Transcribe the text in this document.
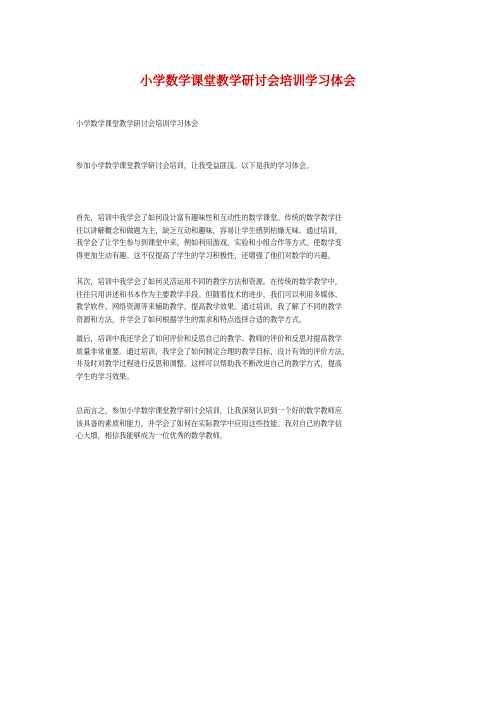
小学数学课堂教学研讨会培训学习体会

小学数学课堂教学研讨会培训学习体会

参加小学数学课堂教学研讨会培训，让我受益匪浅。以下是我的学习体会。

首先，培训中我学会了如何设计富有趣味性和互动性的数学课堂。传统的数学教学往
往以讲解概念和做题为主，缺乏互动和趣味，容易让学生感到枯燥无味。通过培训，
我学会了让学生参与到课堂中来，例如利用游戏、实验和小组合作等方式，使数学变
得更加生动有趣。这不仅提高了学生的学习积极性，还增强了他们对数学的兴趣。

其次，培训中我学会了如何灵活运用不同的教学方法和资源。在传统的数学教学中，
往往只用讲述和书本作为主要教学手段。但随着技术的进步，我们可以利用多媒体、
教学软件、网络资源等来辅助教学，提高教学效果。通过培训，我了解了不同的教学
资源和方法，并学会了如何根据学生的需求和特点选择合适的教学方式。

最后，培训中我还学会了如何评价和反思自己的教学。教师的评价和反思对提高教学
质量非常重要。通过培训，我学会了如何制定合理的教学目标，设计有效的评价方法，
并及时对教学过程进行反思和调整。这样可以帮助我不断改进自己的教学方式，提高
学生的学习效果。

总而言之，参加小学数学课堂教学研讨会培训，让我深刻认识到一个好的数学教师应
该具备的素质和能力，并学会了如何在实际教学中应用这些技能。我对自己的教学信
心大增，相信我能够成为一位优秀的数学教师。
